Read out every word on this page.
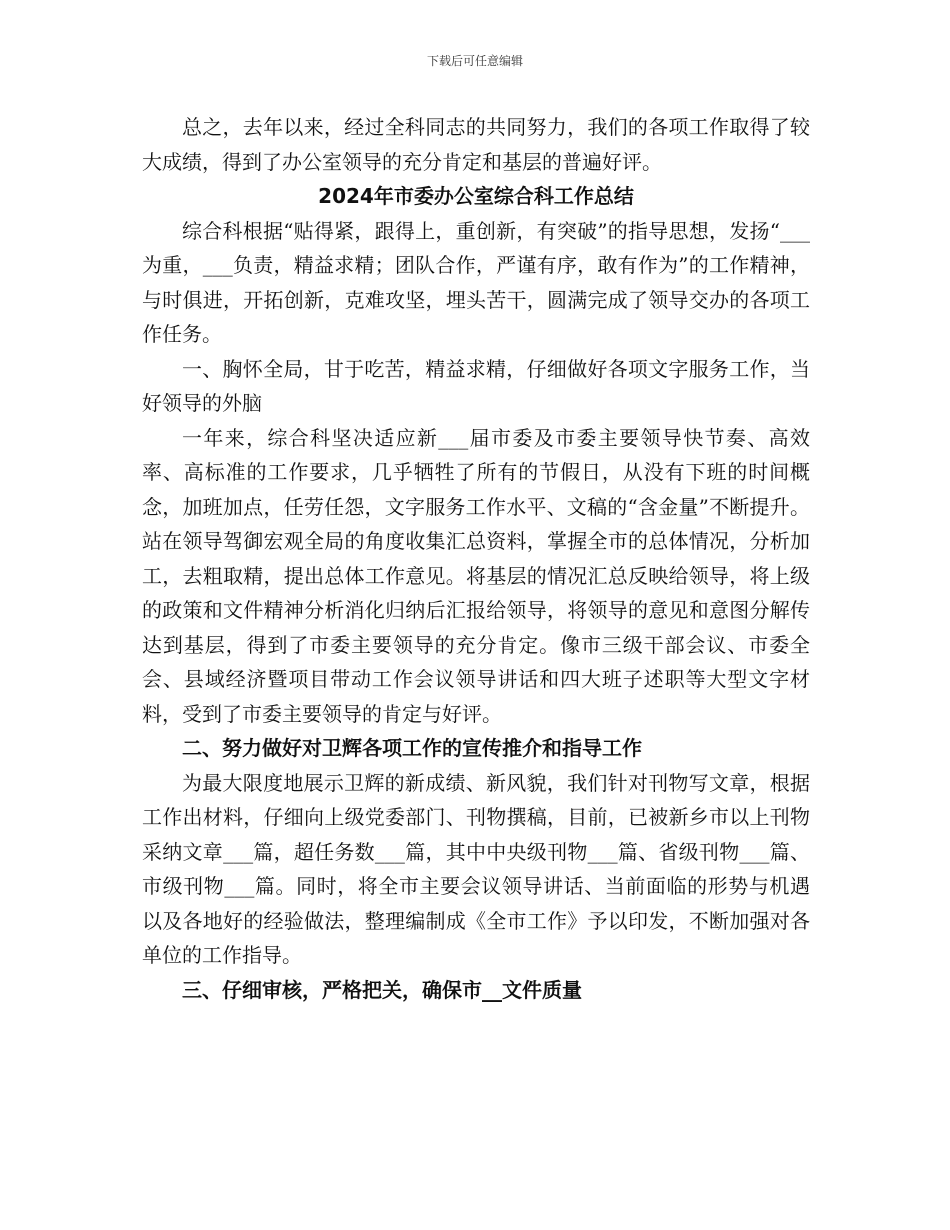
下载后可任意编辑

总之，去年以来，经过全科同志的共同努力，我们的各项工作取得了较大成绩，得到了办公室领导的充分肯定和基层的普遍好评。

2024年市委办公室综合科工作总结

综合科根据“贴得紧，跟得上，重创新，有突破”的指导思想，发扬“___为重，___负责，精益求精；团队合作，严谨有序，敢有作为”的工作精神，与时俱进，开拓创新，克难攻坚，埋头苦干，圆满完成了领导交办的各项工作任务。

一、胸怀全局，甘于吃苦，精益求精，仔细做好各项文字服务工作，当好领导的外脑

一年来，综合科坚决适应新___届市委及市委主要领导快节奏、高效率、高标准的工作要求，几乎牺牲了所有的节假日，从没有下班的时间概念，加班加点，任劳任怨，文字服务工作水平、文稿的“含金量”不断提升。站在领导驾御宏观全局的角度收集汇总资料，掌握全市的总体情况，分析加工，去粗取精，提出总体工作意见。将基层的情况汇总反映给领导，将上级的政策和文件精神分析消化归纳后汇报给领导，将领导的意见和意图分解传达到基层，得到了市委主要领导的充分肯定。像市三级干部会议、市委全会、县域经济暨项目带动工作会议领导讲话和四大班子述职等大型文字材料，受到了市委主要领导的肯定与好评。

二、努力做好对卫辉各项工作的宣传推介和指导工作

为最大限度地展示卫辉的新成绩、新风貌，我们针对刊物写文章，根据工作出材料，仔细向上级党委部门、刊物撰稿，目前，已被新乡市以上刊物采纳文章___篇，超任务数___篇，其中中央级刊物___篇、省级刊物___篇、市级刊物___篇。同时，将全市主要会议领导讲话、当前面临的形势与机遇以及各地好的经验做法，整理编制成《全市工作》予以印发，不断加强对各单位的工作指导。

三、仔细审核，严格把关，确保市__文件质量
